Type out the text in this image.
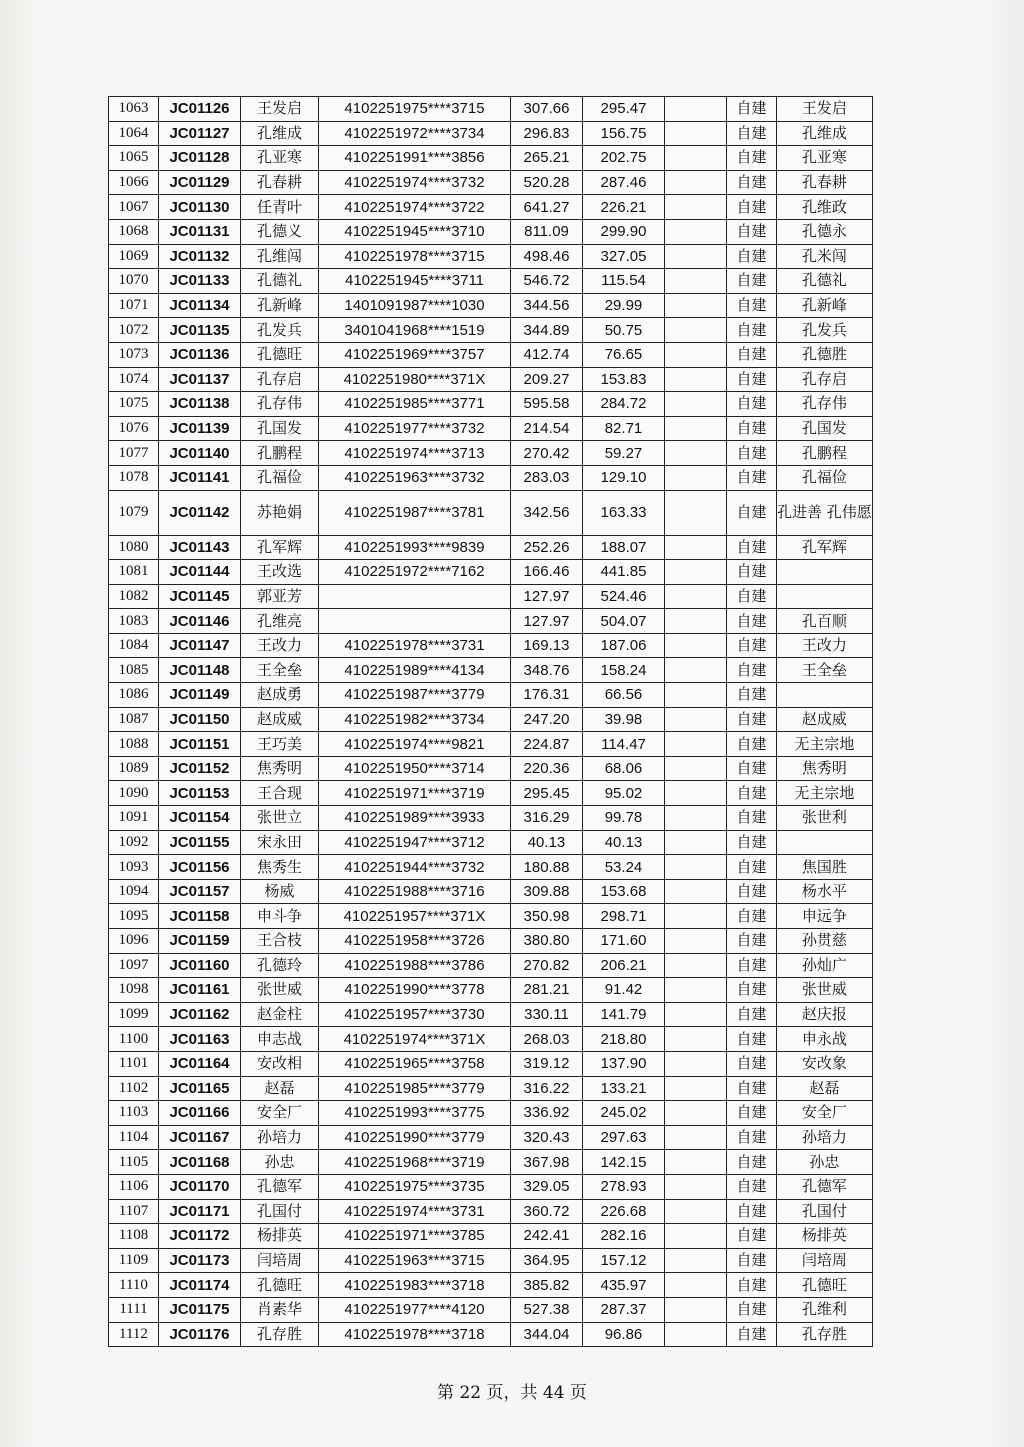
1063	JC01126	王发启	4102251975****3715	307.66	295.47		自建	王发启
1064	JC01127	孔维成	4102251972****3734	296.83	156.75		自建	孔维成
1065	JC01128	孔亚寒	4102251991****3856	265.21	202.75		自建	孔亚寒
1066	JC01129	孔春耕	4102251974****3732	520.28	287.46		自建	孔春耕
1067	JC01130	任青叶	4102251974****3722	641.27	226.21		自建	孔维政
1068	JC01131	孔德义	4102251945****3710	811.09	299.90		自建	孔德永
1069	JC01132	孔维闯	4102251978****3715	498.46	327.05		自建	孔米闯
1070	JC01133	孔德礼	4102251945****3711	546.72	115.54		自建	孔德礼
1071	JC01134	孔新峰	1401091987****1030	344.56	29.99		自建	孔新峰
1072	JC01135	孔发兵	3401041968****1519	344.89	50.75		自建	孔发兵
1073	JC01136	孔德旺	4102251969****3757	412.74	76.65		自建	孔德胜
1074	JC01137	孔存启	4102251980****371X	209.27	153.83		自建	孔存启
1075	JC01138	孔存伟	4102251985****3771	595.58	284.72		自建	孔存伟
1076	JC01139	孔国发	4102251977****3732	214.54	82.71		自建	孔国发
1077	JC01140	孔鹏程	4102251974****3713	270.42	59.27		自建	孔鹏程
1078	JC01141	孔福俭	4102251963****3732	283.03	129.10		自建	孔福俭
1079	JC01142	苏艳娟	4102251987****3781	342.56	163.33		自建	孔进善 孔伟愿
1080	JC01143	孔军辉	4102251993****9839	252.26	188.07		自建	孔军辉
1081	JC01144	王改选	4102251972****7162	166.46	441.85		自建	
1082	JC01145	郭亚芳		127.97	524.46		自建	
1083	JC01146	孔维亮		127.97	504.07		自建	孔百顺
1084	JC01147	王改力	4102251978****3731	169.13	187.06		自建	王改力
1085	JC01148	王全垒	4102251989****4134	348.76	158.24		自建	王全垒
1086	JC01149	赵成勇	4102251987****3779	176.31	66.56		自建	
1087	JC01150	赵成威	4102251982****3734	247.20	39.98		自建	赵成威
1088	JC01151	王巧美	4102251974****9821	224.87	114.47		自建	无主宗地
1089	JC01152	焦秀明	4102251950****3714	220.36	68.06		自建	焦秀明
1090	JC01153	王合现	4102251971****3719	295.45	95.02		自建	无主宗地
1091	JC01154	张世立	4102251989****3933	316.29	99.78		自建	张世利
1092	JC01155	宋永田	4102251947****3712	40.13	40.13		自建	
1093	JC01156	焦秀生	4102251944****3732	180.88	53.24		自建	焦国胜
1094	JC01157	杨威	4102251988****3716	309.88	153.68		自建	杨水平
1095	JC01158	申斗争	4102251957****371X	350.98	298.71		自建	申远争
1096	JC01159	王合枝	4102251958****3726	380.80	171.60		自建	孙贯慈
1097	JC01160	孔德玲	4102251988****3786	270.82	206.21		自建	孙灿广
1098	JC01161	张世威	4102251990****3778	281.21	91.42		自建	张世威
1099	JC01162	赵金柱	4102251957****3730	330.11	141.79		自建	赵庆报
1100	JC01163	申志战	4102251974****371X	268.03	218.80		自建	申永战
1101	JC01164	安改相	4102251965****3758	319.12	137.90		自建	安改象
1102	JC01165	赵磊	4102251985****3779	316.22	133.21		自建	赵磊
1103	JC01166	安全厂	4102251993****3775	336.92	245.02		自建	安全厂
1104	JC01167	孙培力	4102251990****3779	320.43	297.63		自建	孙培力
1105	JC01168	孙忠	4102251968****3719	367.98	142.15		自建	孙忠
1106	JC01170	孔德军	4102251975****3735	329.05	278.93		自建	孔德军
1107	JC01171	孔国付	4102251974****3731	360.72	226.68		自建	孔国付
1108	JC01172	杨排英	4102251971****3785	242.41	282.16		自建	杨排英
1109	JC01173	闫培周	4102251963****3715	364.95	157.12		自建	闫培周
1110	JC01174	孔德旺	4102251983****3718	385.82	435.97		自建	孔德旺
1111	JC01175	肖素华	4102251977****4120	527.38	287.37		自建	孔维利
1112	JC01176	孔存胜	4102251978****3718	344.04	96.86		自建	孔存胜
第 22 页，共 44 页
